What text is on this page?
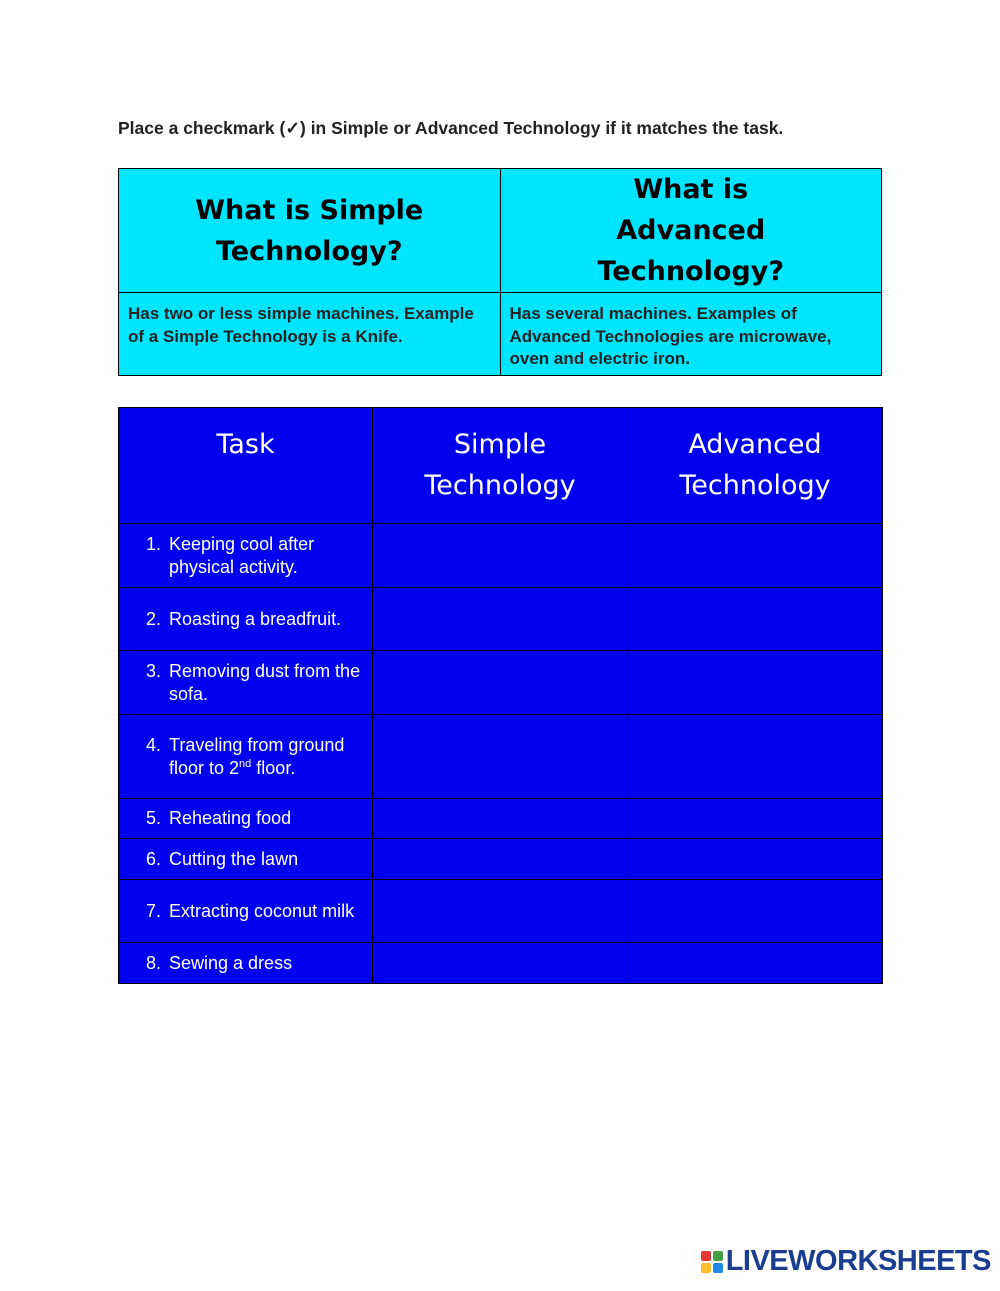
Place a checkmark (✓) in Simple or Advanced Technology if it matches the task.
What is Simple Technology?	What is Advanced Technology?
Has two or less simple machines. Example of a Simple Technology is a Knife.	Has several machines. Examples of Advanced Technologies are microwave, oven and electric iron.
Task	Simple Technology	Advanced Technology

1. Keeping cool after physical activity.		

2. Roasting a breadfruit.		

3. Removing dust from the sofa.		

4. Traveling from ground floor to 2nd floor.		

5. Reheating food		

6. Cutting the lawn		

7. Extracting coconut milk		

8. Sewing a dress		

LIVEWORKSHEETS
